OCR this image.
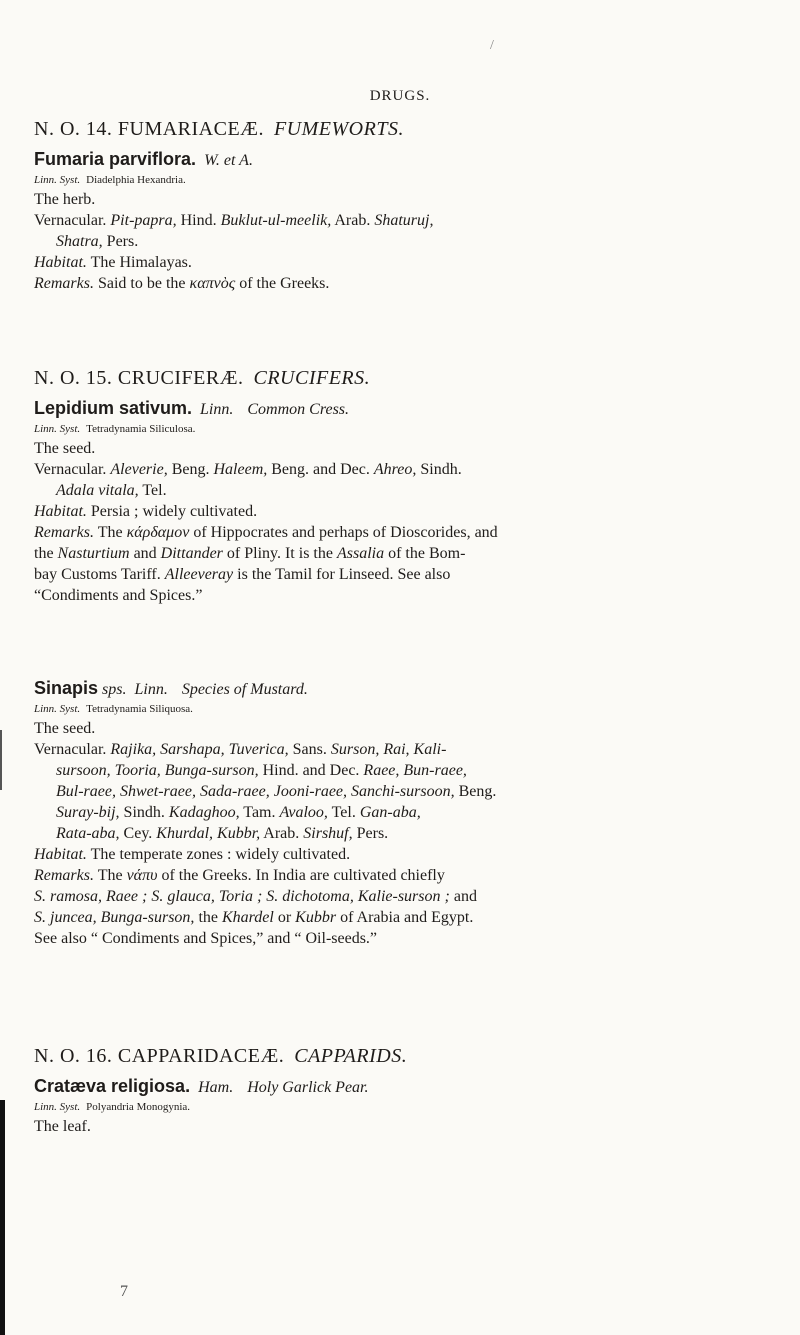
/
DRUGS.
N. O. 14. FUMARIACEÆ. FUMEWORTS.
Fumaria parviflora. W. et A.
Linn. Syst. Diadelphia Hexandria.
The herb.
Vernacular. Pit-papra, Hind. Buklut-ul-meelik, Arab. Shaturuj,
Shatra, Pers.
Habitat. The Himalayas.
Remarks. Said to be the καπνὸς of the Greeks.
N. O. 15. CRUCIFERÆ. CRUCIFERS.
Lepidium sativum. Linn. Common Cress.
Linn. Syst. Tetradynamia Siliculosa.
The seed.
Vernacular. Aleverie, Beng. Haleem, Beng. and Dec. Ahreo, Sindh.
Adala vitala, Tel.
Habitat. Persia ; widely cultivated.
Remarks. The κάρδαμον of Hippocrates and perhaps of Dioscorides, and
the Nasturtium and Dittander of Pliny. It is the Assalia of the Bom-
bay Customs Tariff. Alleeveray is the Tamil for Linseed. See also
“Condiments and Spices.”
Sinapis sps. Linn. Species of Mustard.
Linn. Syst. Tetradynamia Siliquosa.
The seed.
Vernacular. Rajika, Sarshapa, Tuverica, Sans. Surson, Rai, Kali-
sursoon, Tooria, Bunga-surson, Hind. and Dec. Raee, Bun-raee,
Bul-raee, Shwet-raee, Sada-raee, Jooni-raee, Sanchi-sursoon, Beng.
Suray-bij, Sindh. Kadaghoo, Tam. Avaloo, Tel. Gan-aba,
Rata-aba, Cey. Khurdal, Kubbr, Arab. Sirshuf, Pers.
Habitat. The temperate zones : widely cultivated.
Remarks. The νάπυ of the Greeks. In India are cultivated chiefly
S. ramosa, Raee ; S. glauca, Toria ; S. dichotoma, Kalie-surson ; and
S. juncea, Bunga-surson, the Khardel or Kubbr of Arabia and Egypt.
See also “ Condiments and Spices,” and “ Oil-seeds.”
N. O. 16. CAPPARIDACEÆ. CAPPARIDS.
Cratæva religiosa. Ham. Holy Garlick Pear.
Linn. Syst. Polyandria Monogynia.
The leaf.
7
